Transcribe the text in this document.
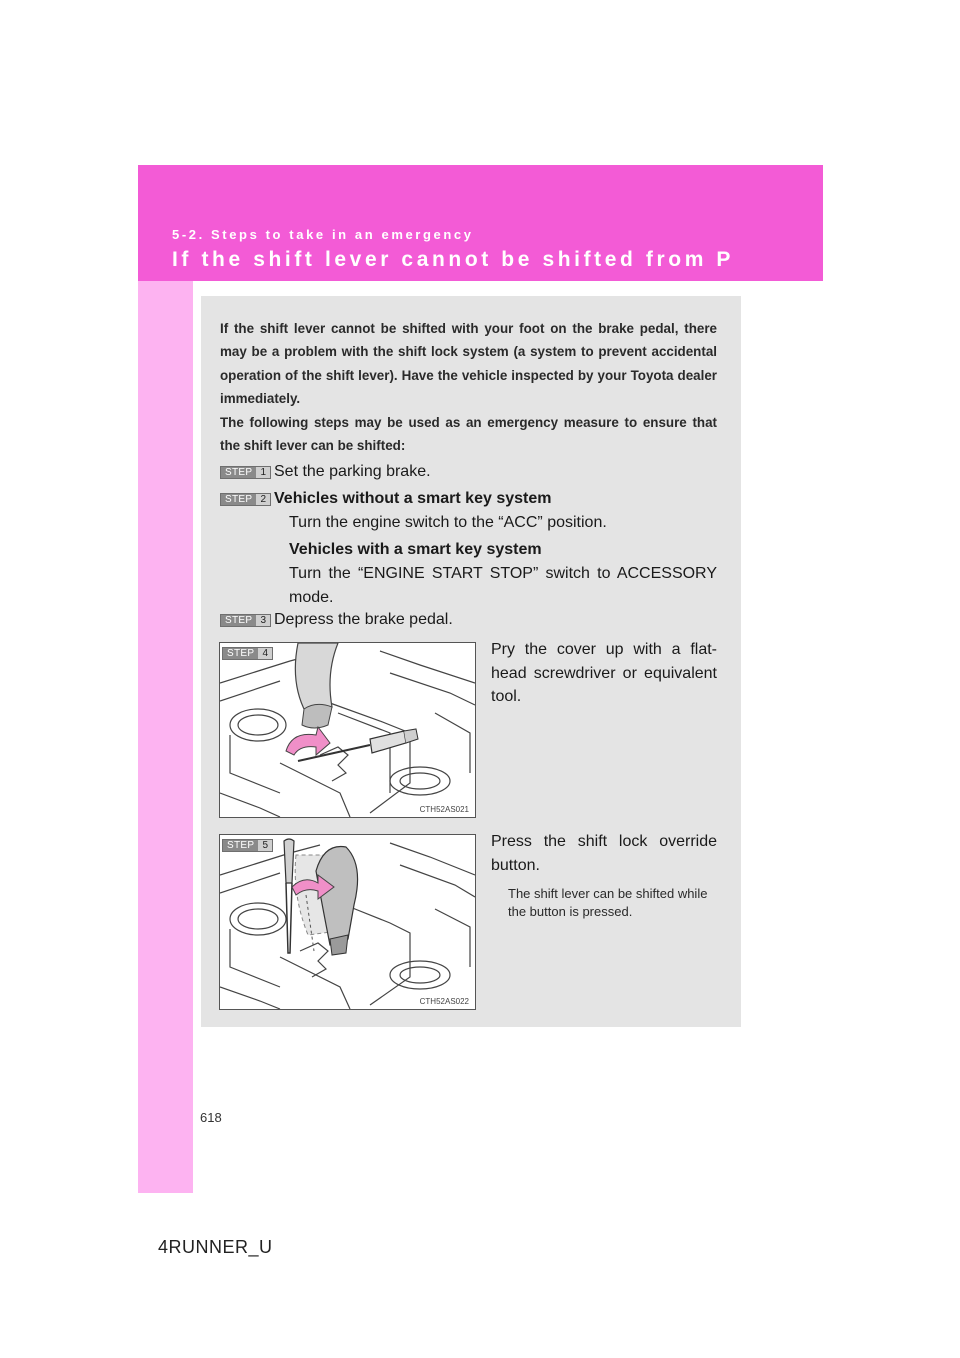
5-2. Steps to take in an emergency
If the shift lever cannot be shifted from P

If the shift lever cannot be shifted with your foot on the brake pedal, there may be a problem with the shift lock system (a system to prevent accidental operation of the shift lever). Have the vehicle inspected by your Toyota dealer immediately.

The following steps may be used as an emergency measure to ensure that the shift lever can be shifted:

STEP 1 Set the parking brake.
STEP 2 Vehicles without a smart key system
Turn the engine switch to the “ACC” position.
Vehicles with a smart key system
Turn the “ENGINE START STOP” switch to ACCESSORY mode.
STEP 3 Depress the brake pedal.
CTH52AS021
STEP 4	Pry the cover up with a flat-head screwdriver or equivalent tool.
CTH52AS022
STEP 5	Press the shift lock override button.
The shift lever can be shifted while the button is pressed.
618
4RUNNER_U
